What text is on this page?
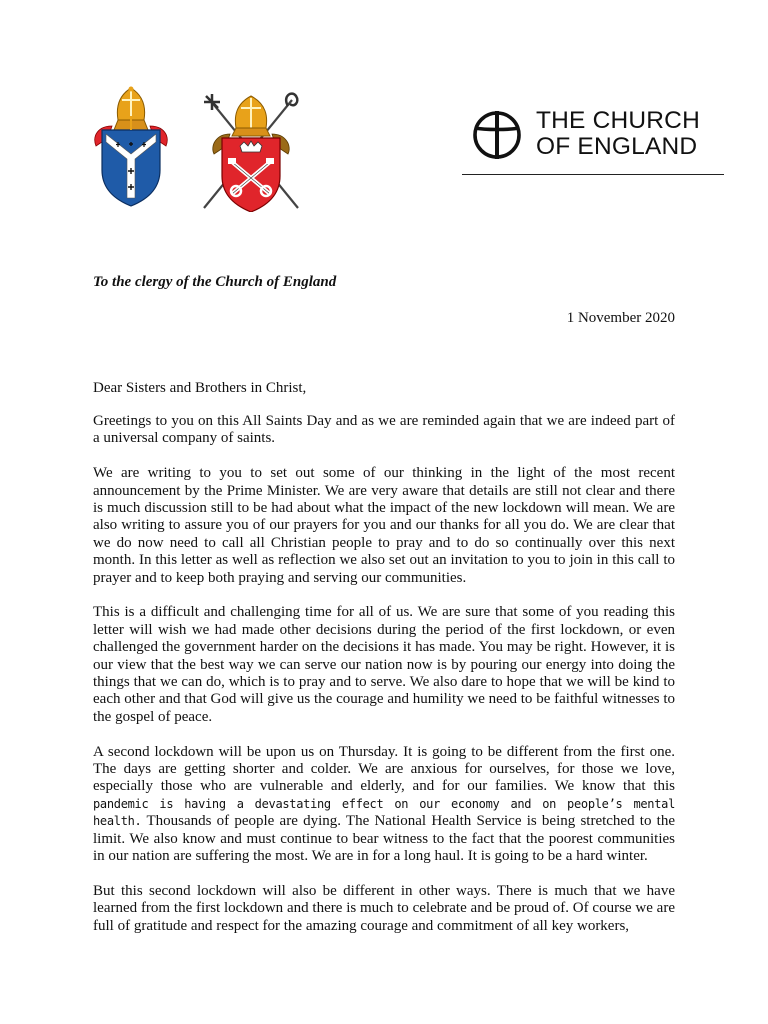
THE CHURCH
OF ENGLAND
To the clergy of the Church of England
1 November 2020
Dear Sisters and Brothers in Christ,

Greetings to you on this All Saints Day and as we are reminded again that we are indeed part of a universal company of saints.

We are writing to you to set out some of our thinking in the light of the most recent announcement by the Prime Minister. We are very aware that details are still not clear and there is much discussion still to be had about what the impact of the new lockdown will mean. We are also writing to assure you of our prayers for you and our thanks for all you do. We are clear that we do now need to call all Christian people to pray and to do so continually over this next month. In this letter as well as reflection we also set out an invitation to you to join in this call to prayer and to keep both praying and serving our communities.

This is a difficult and challenging time for all of us. We are sure that some of you reading this letter will wish we had made other decisions during the period of the first lockdown, or even challenged the government harder on the decisions it has made. You may be right. However, it is our view that the best way we can serve our nation now is by pouring our energy into doing the things that we can do, which is to pray and to serve. We also dare to hope that we will be kind to each other and that God will give us the courage and humility we need to be faithful witnesses to the gospel of peace.

A second lockdown will be upon us on Thursday. It is going to be different from the first one. The days are getting shorter and colder. We are anxious for ourselves, for those we love, especially those who are vulnerable and elderly, and for our families. We know that this pandemic is having a devastating effect on our economy and on people’s mental health. Thousands of people are dying. The National Health Service is being stretched to the limit. We also know and must continue to bear witness to the fact that the poorest communities in our nation are suffering the most. We are in for a long haul. It is going to be a hard winter.

But this second lockdown will also be different in other ways. There is much that we have learned from the first lockdown and there is much to celebrate and be proud of. Of course we are full of gratitude and respect for the amazing courage and commitment of all key workers,
